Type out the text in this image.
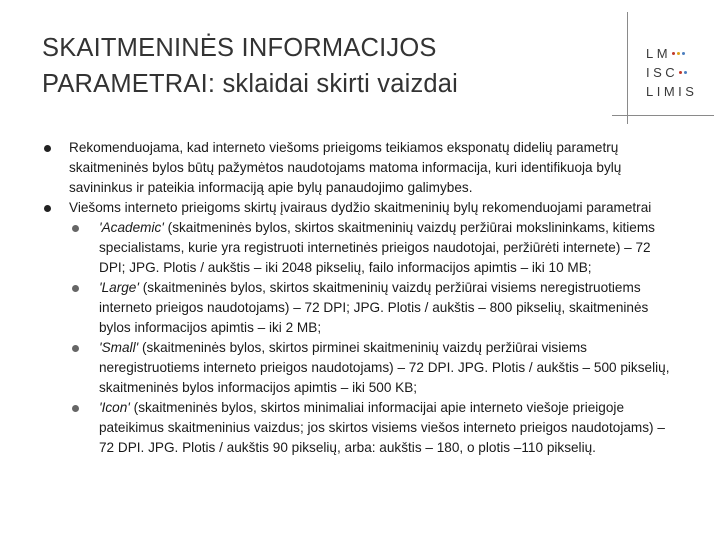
SKAITMENINĖS INFORMACIJOS
PARAMETRAI: sklaidai skirti vaizdai
LM
ISC
LIMIS
Rekomenduojama, kad interneto viešoms prieigoms teikiamos eksponatų didelių parametrų skaitmeninės bylos būtų pažymėtos naudotojams matoma informacija, kuri identifikuoja bylų savininkus ir pateikia informaciją apie bylų panaudojimo galimybes.
Viešoms interneto prieigoms skirtų įvairaus dydžio skaitmeninių bylų rekomenduojami parametrai
'Academic' (skaitmeninės bylos, skirtos skaitmeninių vaizdų peržiūrai mokslininkams, kitiems specialistams, kurie yra registruoti internetinės prieigos naudotojai, peržiūrėti internete) – 72 DPI; JPG. Plotis / aukštis – iki 2048 pikselių, failo informacijos apimtis – iki 10 MB;
'Large' (skaitmeninės bylos, skirtos skaitmeninių vaizdų peržiūrai visiems neregistruotiems interneto prieigos naudotojams) – 72 DPI; JPG. Plotis / aukštis – 800 pikselių, skaitmeninės bylos informacijos apimtis – iki 2 MB;
'Small' (skaitmeninės bylos, skirtos pirminei skaitmeninių vaizdų peržiūrai visiems neregistruotiems interneto prieigos naudotojams) – 72 DPI. JPG. Plotis / aukštis – 500 pikselių, skaitmeninės bylos informacijos apimtis – iki 500 KB;
'Icon' (skaitmeninės bylos, skirtos minimaliai informacijai apie interneto viešoje prieigoje pateikimus skaitmeninius vaizdus; jos skirtos visiems viešos interneto prieigos naudotojams) – 72 DPI. JPG. Plotis / aukštis 90 pikselių, arba: aukštis – 180, o plotis –110 pikselių.
